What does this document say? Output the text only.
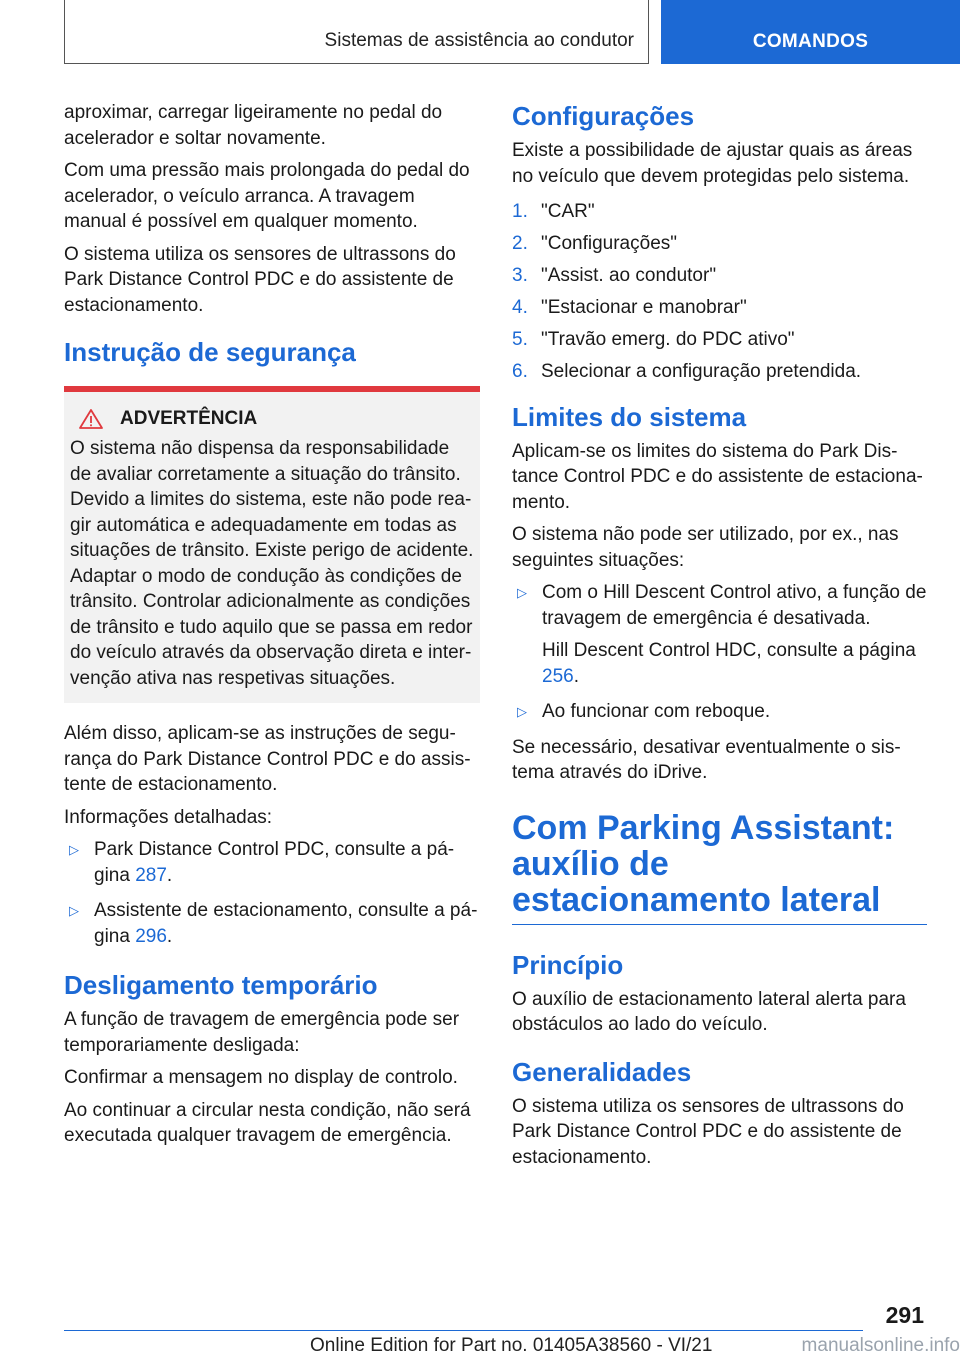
Sistemas de assistência ao condutor	COMANDOS

aproximar, carregar ligeiramente no pedal do acelerador e soltar novamente.

Com uma pressão mais prolongada do pedal do acelerador, o veículo arranca. A travagem manual é possível em qualquer momento.

O sistema utiliza os sensores de ultrassons do Park Distance Control PDC e do assistente de estacionamento.

Instrução de segurança
ADVERTÊNCIA

O sistema não dispensa da responsabilidade de avaliar corretamente a situação do trânsito. Devido a limites do sistema, este não pode reagir automática e adequadamente em todas as situações de trânsito. Existe perigo de acidente. Adaptar o modo de condução às condições de trânsito. Controlar adicionalmente as condições de trânsito e tudo aquilo que se passa em redor do veículo através da observação direta e intervenção ativa nas respetivas situações.

Além disso, aplicam-se as instruções de segurança do Park Distance Control PDC e do assistente de estacionamento.

Informações detalhadas:

▷ Park Distance Control PDC, consulte a página 287.
▷ Assistente de estacionamento, consulte a página 296.
Desligamento temporário

A função de travagem de emergência pode ser temporariamente desligada:

Confirmar a mensagem no display de controlo.

Ao continuar a circular nesta condição, não será executada qualquer travagem de emergência.

Configurações

Existe a possibilidade de ajustar quais as áreas no veículo que devem protegidas pelo sistema.

1. "CAR"
2. "Configurações"
3. "Assist. ao condutor"
4. "Estacionar e manobrar"
5. "Travão emerg. do PDC ativo"
6. Selecionar a configuração pretendida.
Limites do sistema

Aplicam-se os limites do sistema do Park Distance Control PDC e do assistente de estacionamento.

O sistema não pode ser utilizado, por ex., nas seguintes situações:

▷ Com o Hill Descent Control ativo, a função de travagem de emergência é desativada.
Hill Descent Control HDC, consulte a página 256.
▷ Ao funcionar com reboque.

Se necessário, desativar eventualmente o sistema através do iDrive.

Com Parking Assistant: auxílio de estacionamento lateral
Princípio

O auxílio de estacionamento lateral alerta para obstáculos ao lado do veículo.

Generalidades

O sistema utiliza os sensores de ultrassons do Park Distance Control PDC e do assistente de estacionamento.

291
Online Edition for Part no. 01405A38560 - VI/21	manualsonline.info
